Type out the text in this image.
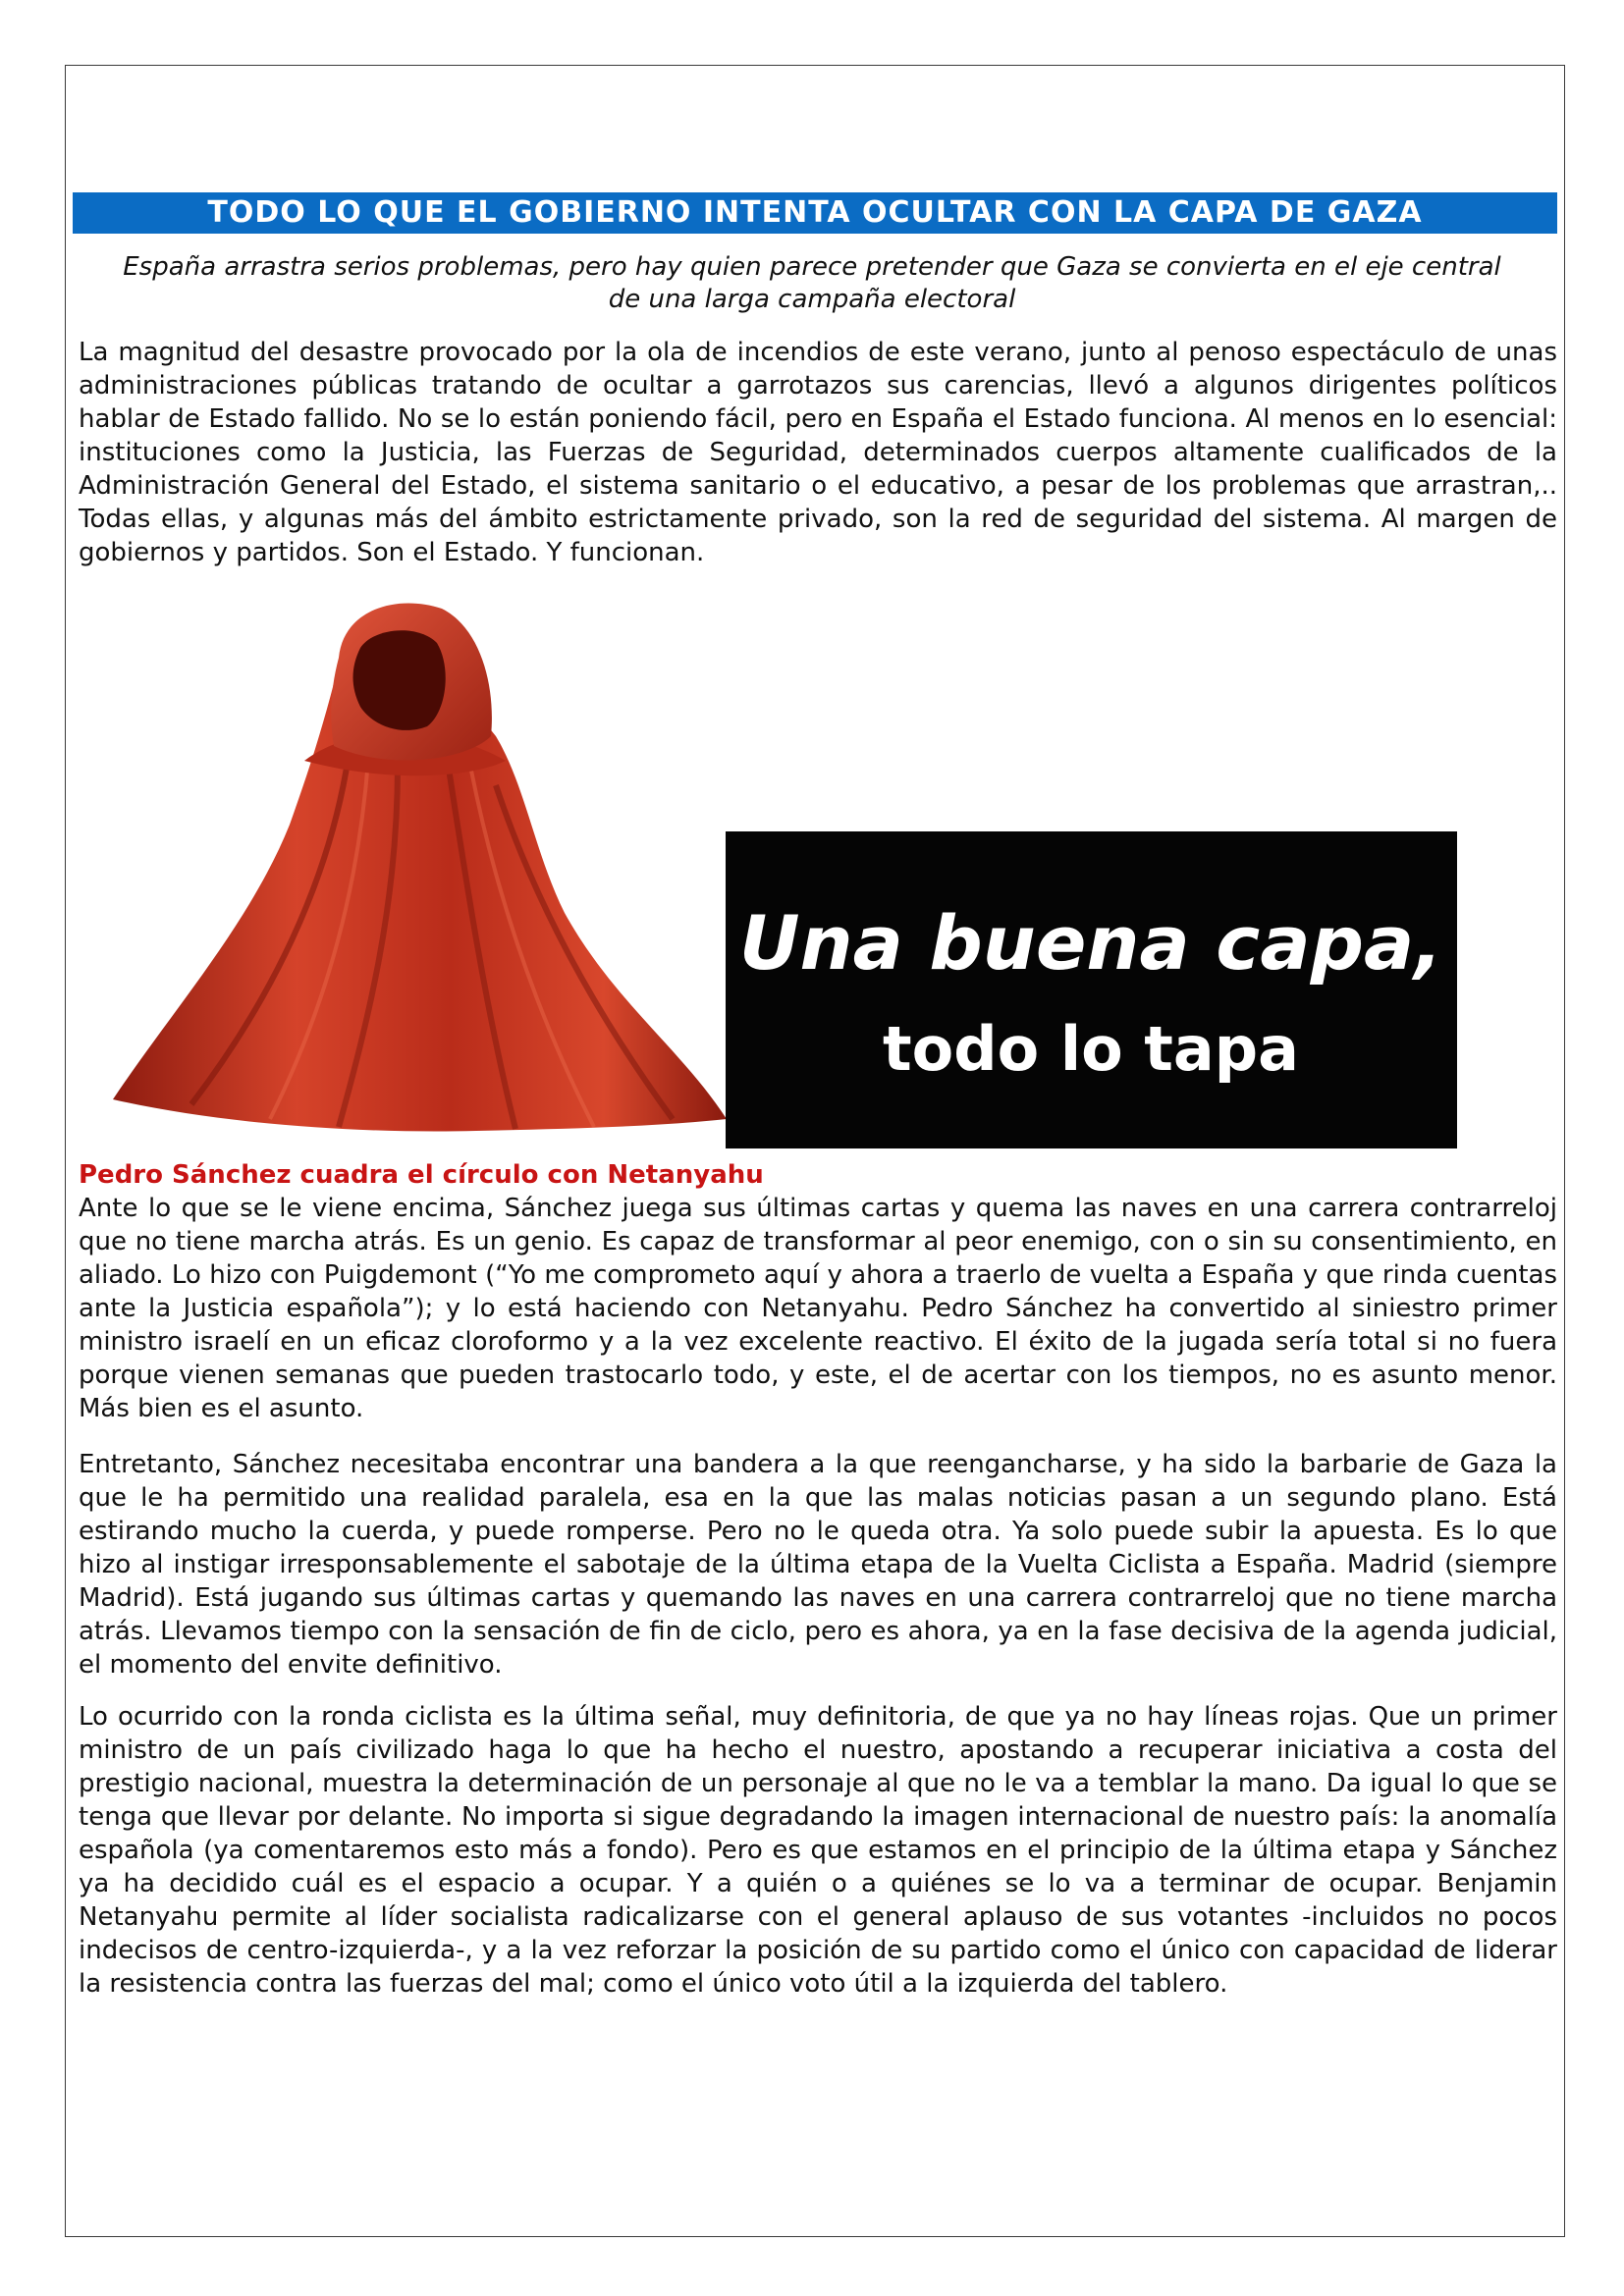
TODO LO QUE EL GOBIERNO INTENTA OCULTAR CON LA CAPA DE GAZA
España arrastra serios problemas, pero hay quien parece pretender que Gaza se convierta en el eje central de una larga campaña electoral

La magnitud del desastre provocado por la ola de incendios de este verano, junto al penoso espectáculo de unas administraciones públicas tratando de ocultar a garrotazos sus carencias, llevó a algunos dirigentes políticos hablar de Estado fallido. No se lo están poniendo fácil, pero en España el Estado funciona. Al menos en lo esencial: instituciones como la Justicia, las Fuerzas de Seguridad, determinados cuerpos altamente cualificados de la Administración General del Estado, el sistema sanitario o el educativo, a pesar de los problemas que arrastran,.. Todas ellas, y algunas más del ámbito estrictamente privado, son la red de seguridad del sistema. Al margen de gobiernos y partidos. Son el Estado. Y funcionan.

Una buena capa,
todo lo tapa
Pedro Sánchez cuadra el círculo con Netanyahu

Ante lo que se le viene encima, Sánchez juega sus últimas cartas y quema las naves en una carrera contrarreloj que no tiene marcha atrás. Es un genio. Es capaz de transformar al peor enemigo, con o sin su consentimiento, en aliado. Lo hizo con Puigdemont (“Yo me comprometo aquí y ahora a traerlo de vuelta a España y que rinda cuentas ante la Justicia española”); y lo está haciendo con Netanyahu. Pedro Sánchez ha convertido al siniestro primer ministro israelí en un eficaz cloroformo y a la vez excelente reactivo. El éxito de la jugada sería total si no fuera porque vienen semanas que pueden trastocarlo todo, y este, el de acertar con los tiempos, no es asunto menor. Más bien es el asunto.

Entretanto, Sánchez necesitaba encontrar una bandera a la que reengancharse, y ha sido la barbarie de Gaza la que le ha permitido una realidad paralela, esa en la que las malas noticias pasan a un segundo plano. Está estirando mucho la cuerda, y puede romperse. Pero no le queda otra. Ya solo puede subir la apuesta. Es lo que hizo al instigar irresponsablemente el sabotaje de la última etapa de la Vuelta Ciclista a España. Madrid (siempre Madrid). Está jugando sus últimas cartas y quemando las naves en una carrera contrarreloj que no tiene marcha atrás. Llevamos tiempo con la sensación de fin de ciclo, pero es ahora, ya en la fase decisiva de la agenda judicial, el momento del envite definitivo.

Lo ocurrido con la ronda ciclista es la última señal, muy definitoria, de que ya no hay líneas rojas. Que un primer ministro de un país civilizado haga lo que ha hecho el nuestro, apostando a recuperar iniciativa a costa del prestigio nacional, muestra la determinación de un personaje al que no le va a temblar la mano. Da igual lo que se tenga que llevar por delante. No importa si sigue degradando la imagen internacional de nuestro país: la anomalía española (ya comentaremos esto más a fondo). Pero es que estamos en el principio de la última etapa y Sánchez ya ha decidido cuál es el espacio a ocupar. Y a quién o a quiénes se lo va a terminar de ocupar. Benjamin Netanyahu permite al líder socialista radicalizarse con el general aplauso de sus votantes -incluidos no pocos indecisos de centro-izquierda-, y a la vez reforzar la posición de su partido como el único con capacidad de liderar la resistencia contra las fuerzas del mal; como el único voto útil a la izquierda del tablero.
